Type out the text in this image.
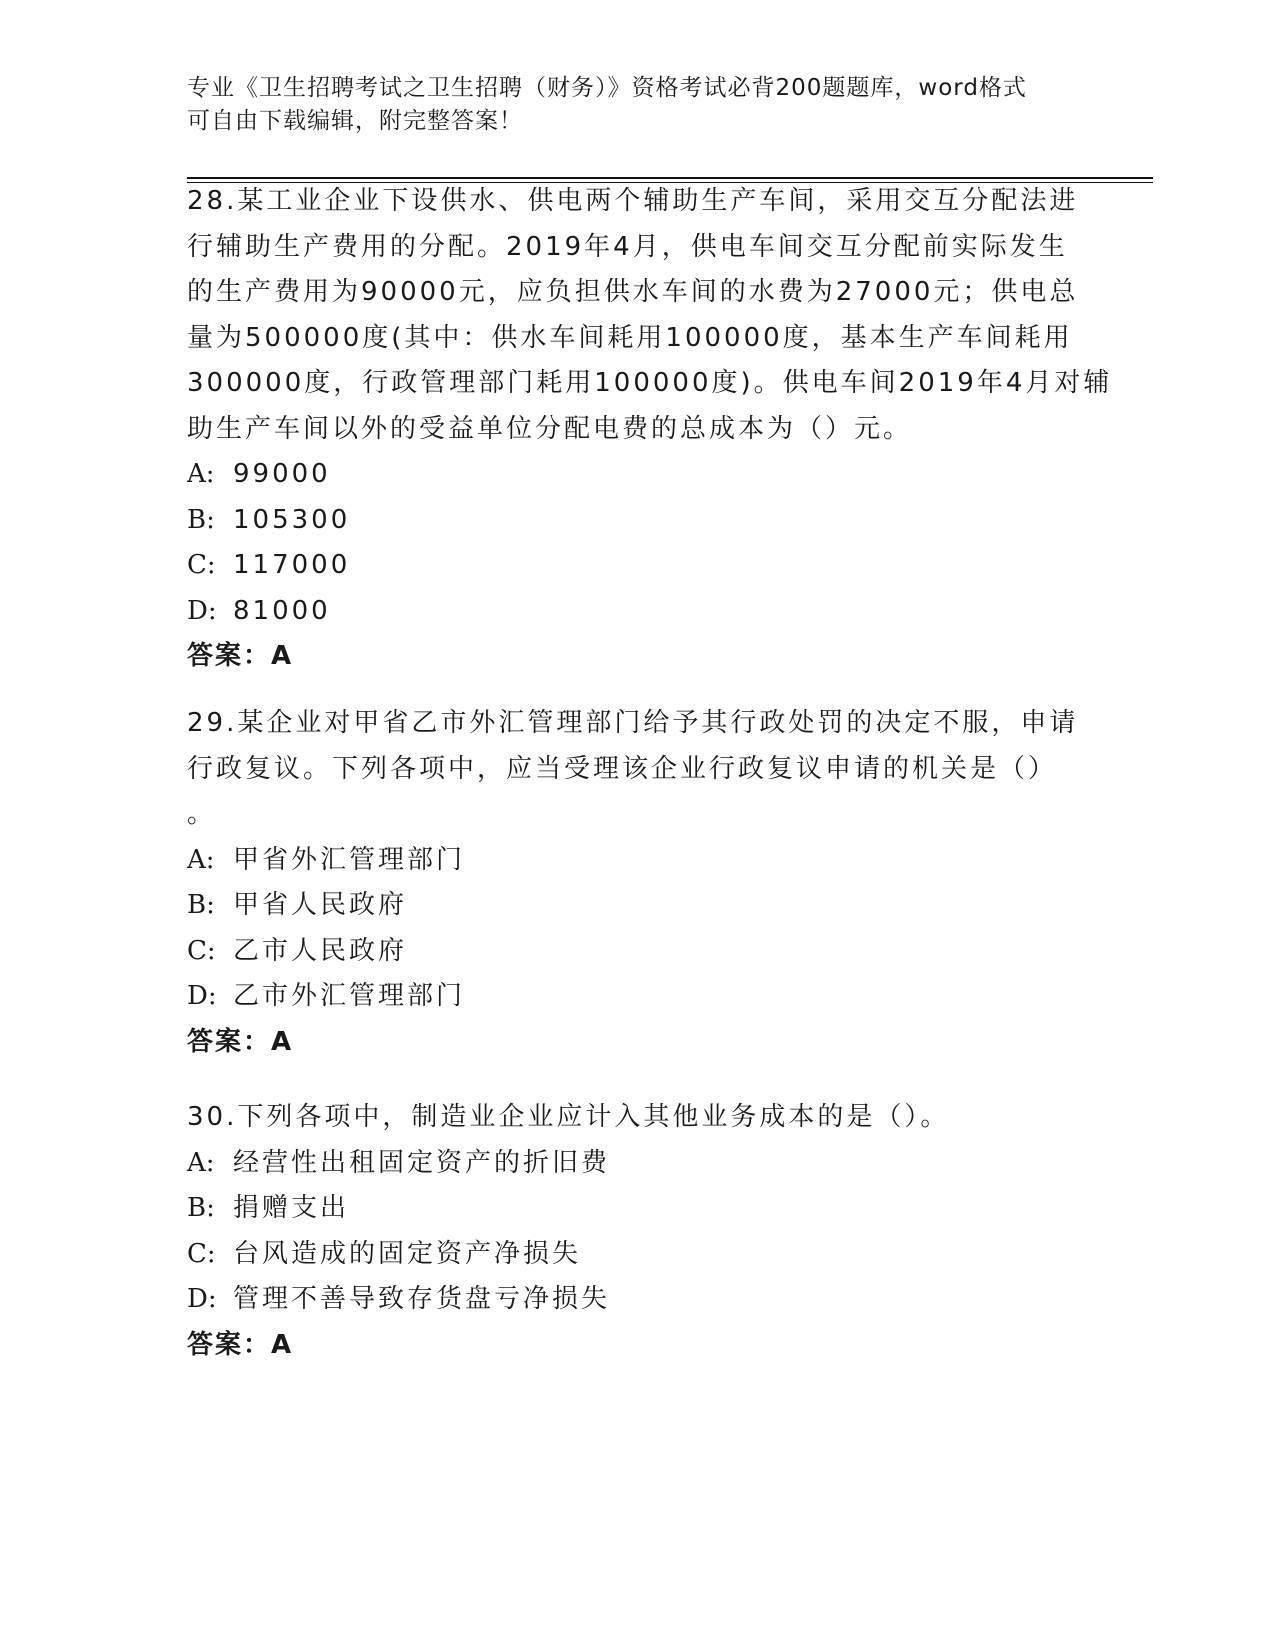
专业《卫生招聘考试之卫生招聘（财务）》资格考试必背200题题库，word格式
可自由下载编辑，附完整答案！
28.某工业企业下设供水、供电两个辅助生产车间，采用交互分配法进
行辅助生产费用的分配。2019年4月，供电车间交互分配前实际发生
的生产费用为90000元，应负担供水车间的水费为27000元；供电总
量为500000度(其中：供水车间耗用100000度，基本生产车间耗用
300000度，行政管理部门耗用100000度)。供电车间2019年4月对辅
助生产车间以外的受益单位分配电费的总成本为（）元。
A: 99000
B: 105300
C: 117000
D: 81000
答案：A
29.某企业对甲省乙市外汇管理部门给予其行政处罚的决定不服，申请
行政复议。下列各项中，应当受理该企业行政复议申请的机关是（）
。
A: 甲省外汇管理部门
B: 甲省人民政府
C: 乙市人民政府
D: 乙市外汇管理部门
答案：A
30.下列各项中，制造业企业应计入其他业务成本的是（）。
A: 经营性出租固定资产的折旧费
B: 捐赠支出
C: 台风造成的固定资产净损失
D: 管理不善导致存货盘亏净损失
答案：A
